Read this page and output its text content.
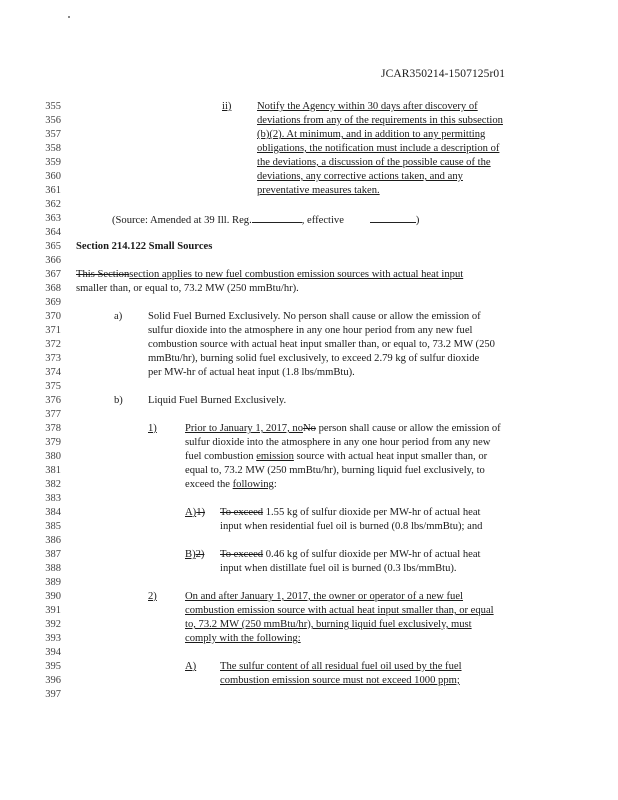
JCAR350214-1507125r01
355
356
357
358
359
360
361
362
363
364
365
366
367
368
369
370
371
372
373
374
375
376
377
378
379
380
381
382
383
384
385
386
387
388
389
390
391
392
393
394
395
396
397
ii) Notify the Agency within 30 days after discovery of
deviations from any of the requirements in this subsection
(b)(2). At minimum, and in addition to any permitting
obligations, the notification must include a description of
the deviations, a discussion of the possible cause of the
deviations, any corrective actions taken, and any
preventative measures taken.
(Source: Amended at 39 Ill. Reg.	, effective	)
Section 214.122 Small Sources
This Sectionsection applies to new fuel combustion emission sources with actual heat input
smaller than, or equal to, 73.2 MW (250 mmBtu/hr).
a) Solid Fuel Burned Exclusively. No person shall cause or allow the emission of
sulfur dioxide into the atmosphere in any one hour period from any new fuel
combustion source with actual heat input smaller than, or equal to, 73.2 MW (250
mmBtu/hr), burning solid fuel exclusively, to exceed 2.79 kg of sulfur dioxide
per MW-hr of actual heat input (1.8 lbs/mmBtu).
b) Liquid Fuel Burned Exclusively.
1)	Prior to January 1, 2017, noNo person shall cause or allow the emission of
sulfur dioxide into the atmosphere in any one hour period from any new
fuel combustion emission source with actual heat input smaller than, or
equal to, 73.2 MW (250 mmBtu/hr), burning liquid fuel exclusively, to
exceed the following:
A)1) To exceed 1.55 kg of sulfur dioxide per MW-hr of actual heat
input when residential fuel oil is burned (0.8 lbs/mmBtu); and
B)2) To exceed 0.46 kg of sulfur dioxide per MW-hr of actual heat
input when distillate fuel oil is burned (0.3 lbs/mmBtu).
2)	On and after January 1, 2017, the owner or operator of a new fuel
combustion emission source with actual heat input smaller than, or equal
to, 73.2 MW (250 mmBtu/hr), burning liquid fuel exclusively, must
comply with the following:
A) The sulfur content of all residual fuel oil used by the fuel
combustion emission source must not exceed 1000 ppm;
